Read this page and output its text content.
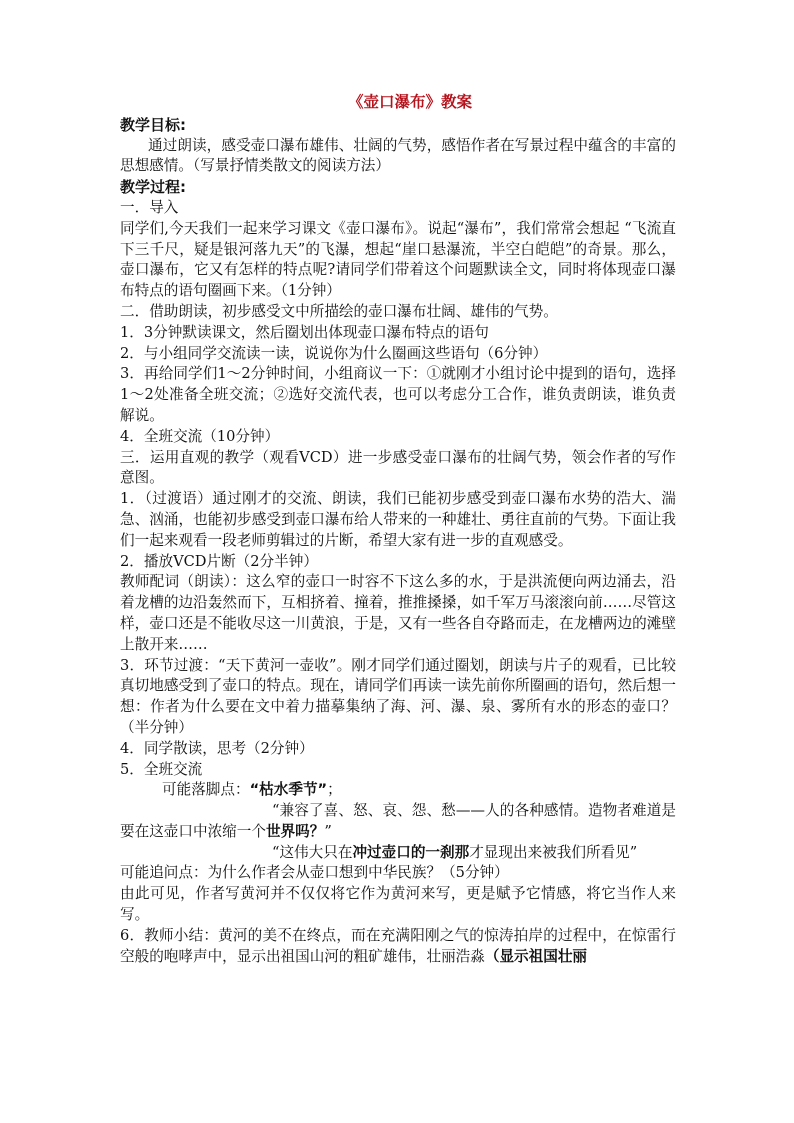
《壶口瀑布》教案
教学目标:

通过朗读，感受壶口瀑布雄伟、壮阔的气势，感悟作者在写景过程中蕴含的丰富的思想感情。（写景抒情类散文的阅读方法）

教学过程:

一．导入

同学们,今天我们一起来学习课文《壶口瀑布》。说起“瀑布”，我们常常会想起 “飞流直下三千尺，疑是银河落九天”的飞瀑，想起“崖口悬瀑流，半空白皑皑”的奇景。那么，壶口瀑布，它又有怎样的特点呢?请同学们带着这个问题默读全文，同时将体现壶口瀑布特点的语句圈画下来。（1分钟）

二．借助朗读，初步感受文中所描绘的壶口瀑布壮阔、雄伟的气势。

1．3分钟默读课文，然后圈划出体现壶口瀑布特点的语句

2．与小组同学交流读一读，说说你为什么圈画这些语句（6分钟）

3．再给同学们1～2分钟时间，小组商议一下：①就刚才小组讨论中提到的语句，选择1～2处准备全班交流；②选好交流代表，也可以考虑分工合作，谁负责朗读，谁负责解说。

4．全班交流（10分钟）

三．运用直观的教学（观看VCD）进一步感受壶口瀑布的壮阔气势，领会作者的写作意图。

1．（过渡语）通过刚才的交流、朗读，我们已能初步感受到壶口瀑布水势的浩大、湍急、汹涌，也能初步感受到壶口瀑布给人带来的一种雄壮、勇往直前的气势。下面让我们一起来观看一段老师剪辑过的片断，希望大家有进一步的直观感受。

2．播放VCD片断（2分半钟）

教师配词（朗读）：这么窄的壶口一时容不下这么多的水，于是洪流便向两边涌去，沿着龙槽的边沿轰然而下，互相挤着、撞着，推推搡搡，如千军万马滚滚向前……尽管这样，壶口还是不能收尽这一川黄浪，于是，又有一些各自夺路而走，在龙槽两边的滩壁上散开来……

3．环节过渡：“天下黄河一壶收”。刚才同学们通过圈划，朗读与片子的观看，已比较真切地感受到了壶口的特点。现在，请同学们再读一读先前你所圈画的语句，然后想一想：作者为什么要在文中着力描摹集纳了海、河、瀑、泉、雾所有水的形态的壶口？（半分钟）

4．同学散读，思考（2分钟）

5．全班交流

可能落脚点：“枯水季节”；

“兼容了喜、怒、哀、怨、愁——人的各种感情。造物者难道是要在这壶口中浓缩一个世界吗？”

“这伟大只在冲过壶口的一刹那才显现出来被我们所看见”

可能追问点：为什么作者会从壶口想到中华民族？（5分钟）

由此可见，作者写黄河并不仅仅将它作为黄河来写，更是赋予它情感，将它当作人来写。

6．教师小结：黄河的美不在终点，而在充满阳刚之气的惊涛拍岸的过程中，在惊雷行空般的咆哮声中，显示出祖国山河的粗矿雄伟，壮丽浩淼（显示祖国壮丽
